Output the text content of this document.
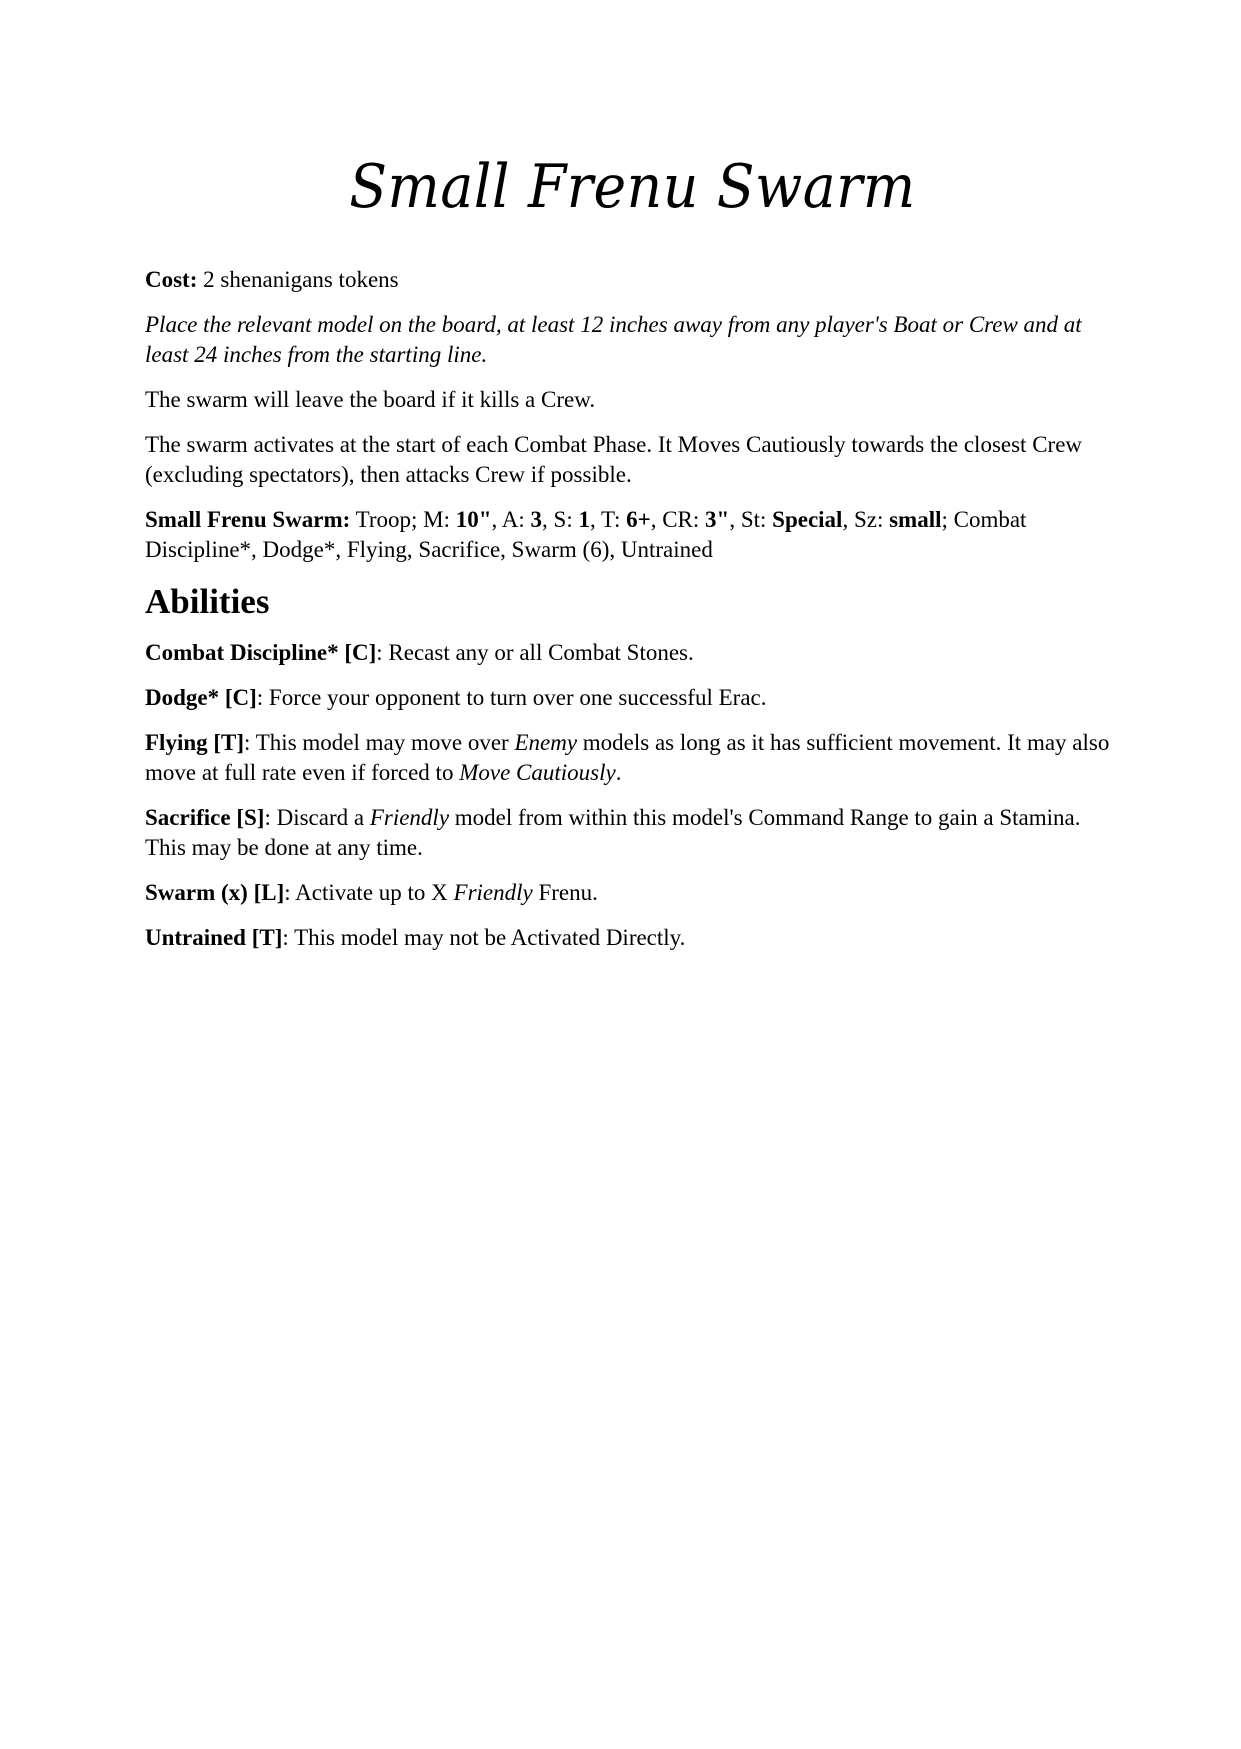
Small Frenu Swarm

Cost: 2 shenanigans tokens

Place the relevant model on the board, at least 12 inches away from any player's Boat or Crew and at least 24 inches from the starting line.

The swarm will leave the board if it kills a Crew.

The swarm activates at the start of each Combat Phase. It Moves Cautiously towards the closest Crew (excluding spectators), then attacks Crew if possible.

Small Frenu Swarm: Troop; M: 10", A: 3, S: 1, T: 6+, CR: 3", St: Special, Sz: small; Combat Discipline*, Dodge*, Flying, Sacrifice, Swarm (6), Untrained

Abilities

Combat Discipline* [C]: Recast any or all Combat Stones.

Dodge* [C]: Force your opponent to turn over one successful Erac.

Flying [T]: This model may move over Enemy models as long as it has sufficient movement. It may also move at full rate even if forced to Move Cautiously.

Sacrifice [S]: Discard a Friendly model from within this model's Command Range to gain a Stamina. This may be done at any time.

Swarm (x) [L]: Activate up to X Friendly Frenu.

Untrained [T]: This model may not be Activated Directly.
